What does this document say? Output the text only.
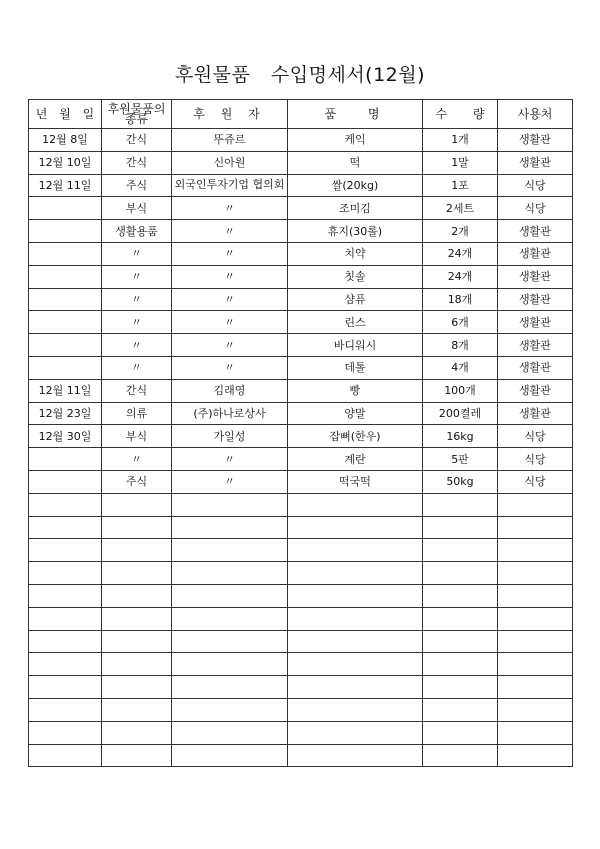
후원물품 수입명세서(12월)
년 월 일	후원물품의 종류	후 원 자	품 명	수 량	사용처
12월 8일	간식	뚜쥬르	케익	1개	생활관
12월 10일	간식	신아원	떡	1말	생활관
12월 11일	주식	외국인투자기업 협의회	쌀(20kg)	1포	식당
	부식	〃	조미김	2세트	식당
	생활용품	〃	휴지(30롤)	2개	생활관
	〃	〃	치약	24개	생활관
	〃	〃	칫솔	24개	생활관
	〃	〃	샴퓨	18개	생활관
	〃	〃	린스	6개	생활관
	〃	〃	바디워시	8개	생활관
	〃	〃	데톨	4개	생활관
12월 11일	간식	김래영	빵	100개	생활관
12월 23일	의류	(주)하나로상사	양말	200켤레	생활관
12월 30일	부식	가일성	잡뼈(한우)	16kg	식당
	〃	〃	계란	5판	식당
	주식	〃	떡국떡	50kg	식당
